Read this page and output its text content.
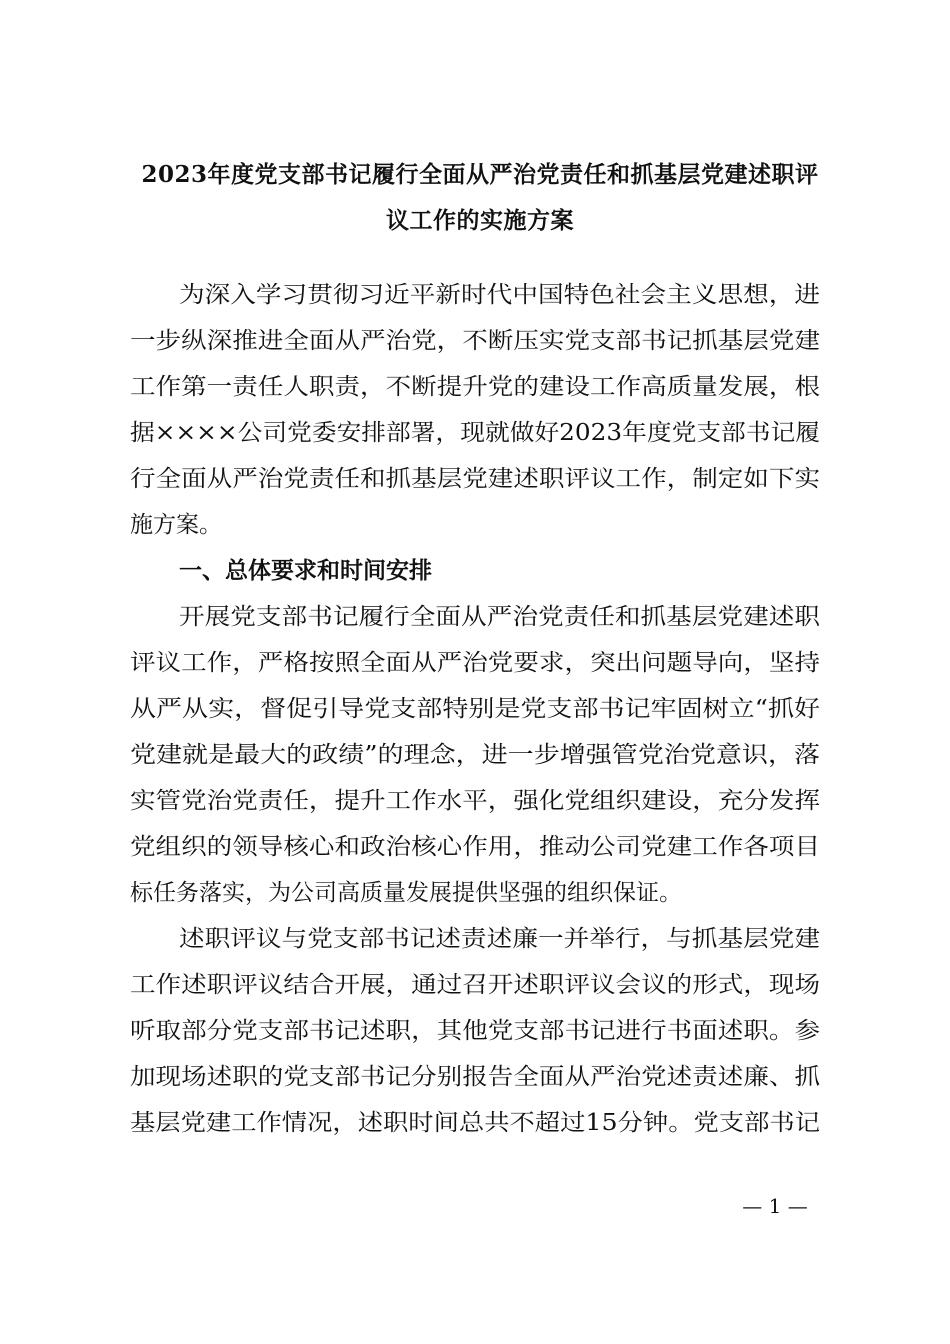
2023年度党支部书记履行全面从严治党责任和抓基层党建述职评
议工作的实施方案
为深入学习贯彻习近平新时代中国特色社会主义思想，进
一步纵深推进全面从严治党，不断压实党支部书记抓基层党建
工作第一责任人职责，不断提升党的建设工作高质量发展，根
据××××公司党委安排部署，现就做好2023年度党支部书记履
行全面从严治党责任和抓基层党建述职评议工作，制定如下实
施方案。
一、总体要求和时间安排
开展党支部书记履行全面从严治党责任和抓基层党建述职
评议工作，严格按照全面从严治党要求，突出问题导向，坚持
从严从实，督促引导党支部特别是党支部书记牢固树立“抓好
党建就是最大的政绩”的理念，进一步增强管党治党意识，落
实管党治党责任，提升工作水平，强化党组织建设，充分发挥
党组织的领导核心和政治核心作用，推动公司党建工作各项目
标任务落实，为公司高质量发展提供坚强的组织保证。
述职评议与党支部书记述责述廉一并举行，与抓基层党建
工作述职评议结合开展，通过召开述职评议会议的形式，现场
听取部分党支部书记述职，其他党支部书记进行书面述职。参
加现场述职的党支部书记分别报告全面从严治党述责述廉、抓
基层党建工作情况，述职时间总共不超过15分钟。党支部书记
— 1 —
